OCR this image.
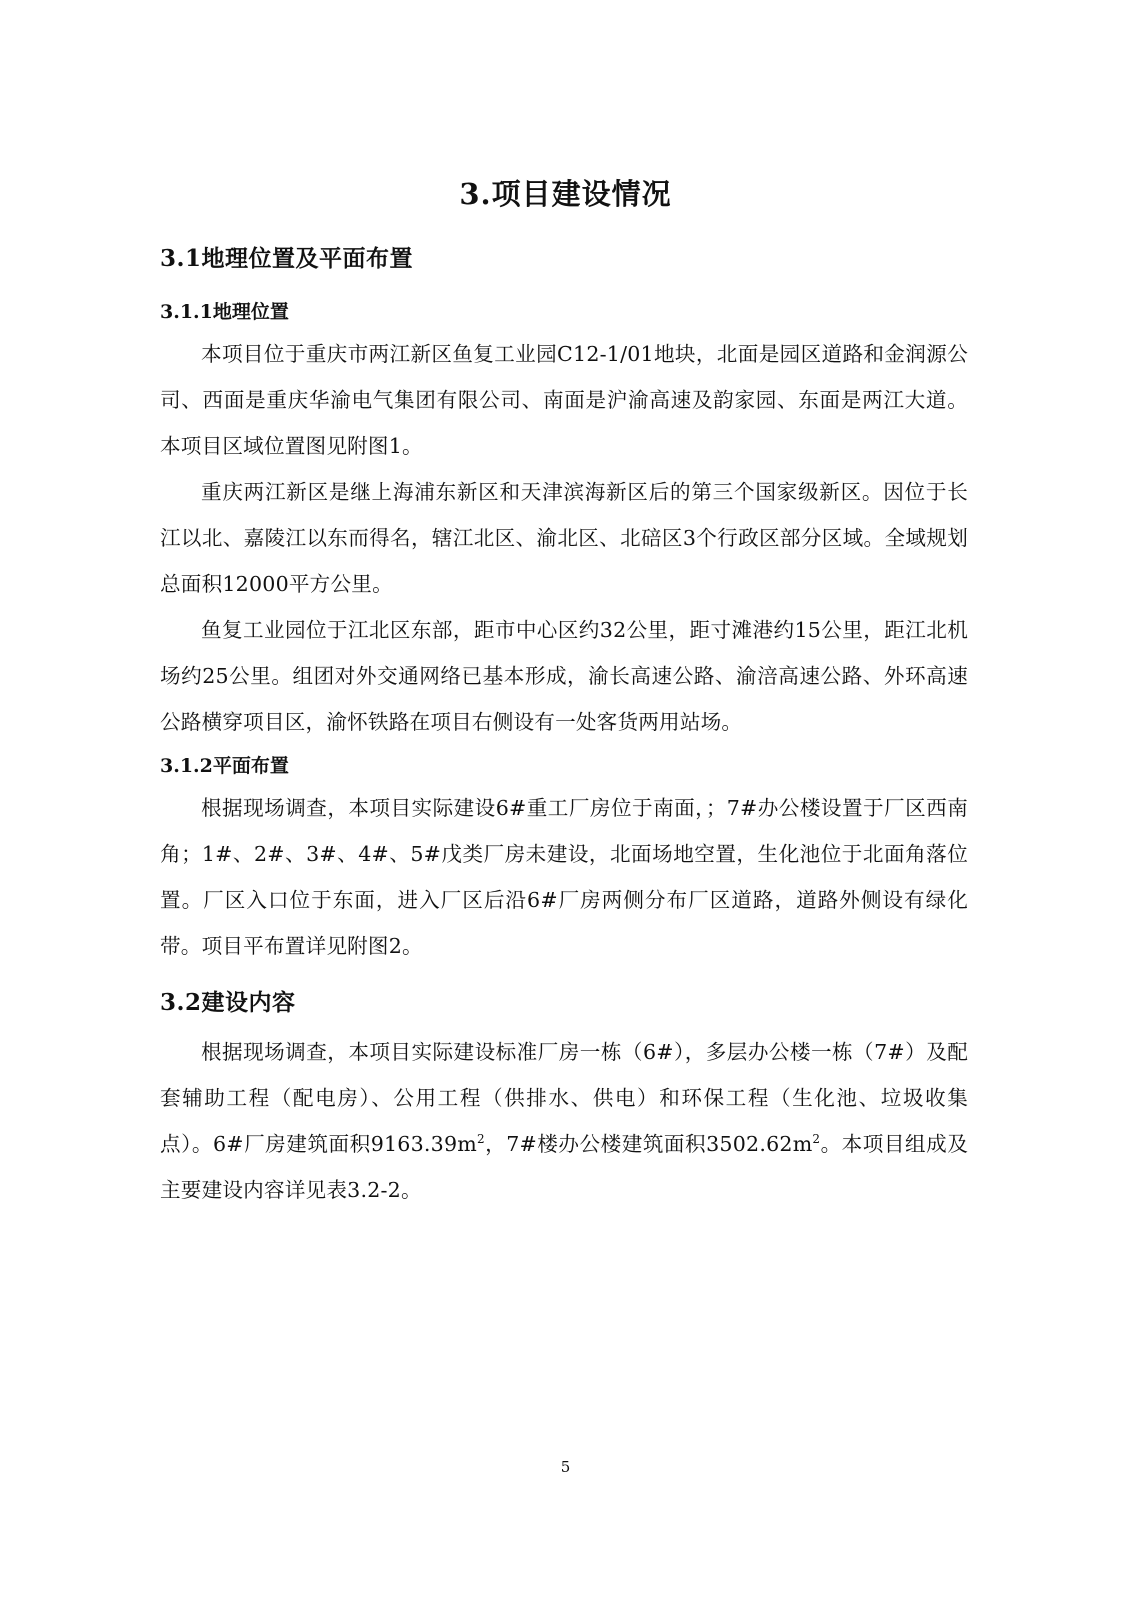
3.项目建设情况
3.1地理位置及平面布置
3.1.1地理位置

本项目位于重庆市两江新区鱼复工业园C12-1/01地块，北面是园区道路和金润源公司、西面是重庆华渝电气集团有限公司、南面是沪渝高速及韵家园、东面是两江大道。本项目区域位置图见附图1。

重庆两江新区是继上海浦东新区和天津滨海新区后的第三个国家级新区。因位于长江以北、嘉陵江以东而得名，辖江北区、渝北区、北碚区3个行政区部分区域。全域规划总面积12000平方公里。

鱼复工业园位于江北区东部，距市中心区约32公里，距寸滩港约15公里，距江北机场约25公里。组团对外交通网络已基本形成，渝长高速公路、渝涪高速公路、外环高速公路横穿项目区，渝怀铁路在项目右侧设有一处客货两用站场。

3.1.2平面布置

根据现场调查，本项目实际建设6#重工厂房位于南面，；7#办公楼设置于厂区西南角；1#、2#、3#、4#、5#戊类厂房未建设，北面场地空置，生化池位于北面角落位置。厂区入口位于东面，进入厂区后沿6#厂房两侧分布厂区道路，道路外侧设有绿化带。项目平布置详见附图2。

3.2建设内容

根据现场调查，本项目实际建设标准厂房一栋（6#），多层办公楼一栋（7#）及配套辅助工程（配电房）、公用工程（供排水、供电）和环保工程（生化池、垃圾收集点）。6#厂房建筑面积$9163.39m^2$，7#楼办公楼建筑面积$3502.62m^2$。本项目组成及主要建设内容详见表3.2-2。

5
